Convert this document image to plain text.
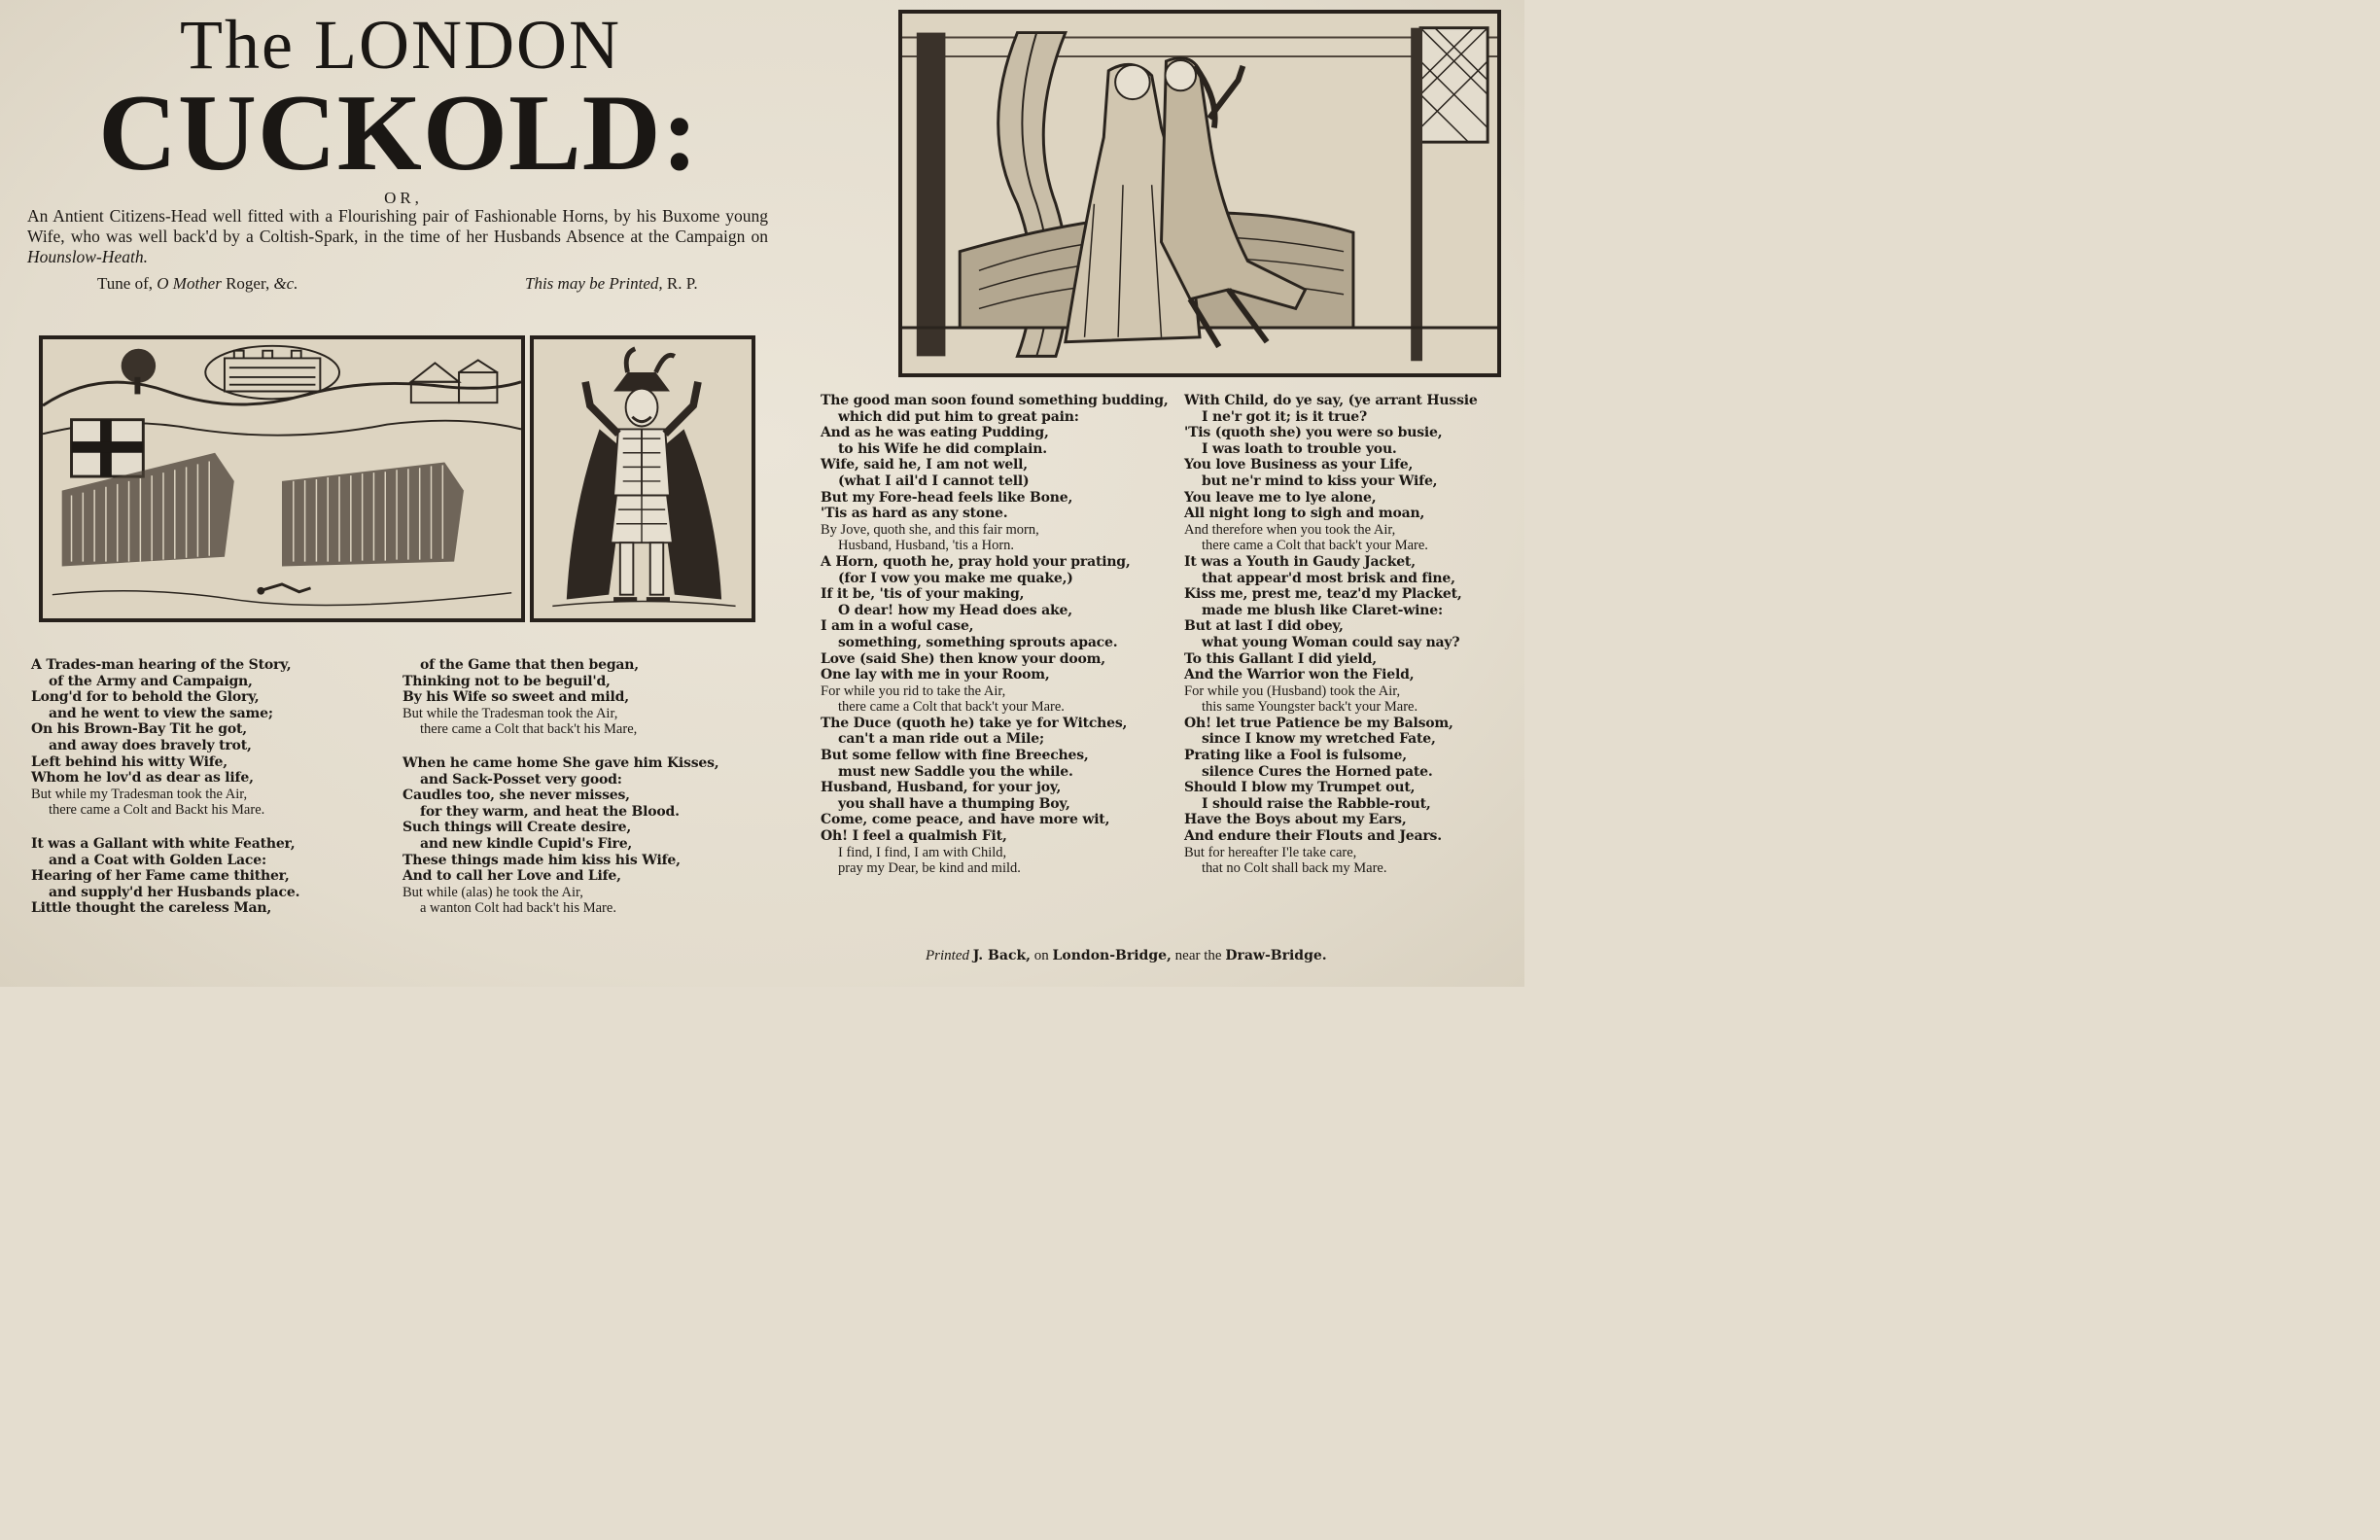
The LONDON
CUCKOLD:
OR,
An Antient Citizens-Head well fitted with a Flourishing pair of Fashionable Horns, by his Buxome young Wife, who was well back'd by a Coltish-Spark, in the time of her Husbands Absence at the Campaign on Hounslow-Heath.
Tune of, O Mother Roger, &c.	This may be Printed, R. P.
A Trades-man hearing of the Story,
of the Army and Campaign,
Long'd for to behold the Glory,
and he went to view the same;
On his Brown-Bay Tit he got,
and away does bravely trot,
Left behind his witty Wife,
Whom he lov'd as dear as life,
But while my Tradesman took the Air,
there came a Colt and Backt his Mare.
It was a Gallant with white Feather,
and a Coat with Golden Lace:
Hearing of her Fame came thither,
and supply'd her Husbands place.
Little thought the careless Man,
of the Game that then began,
Thinking not to be beguil'd,
By his Wife so sweet and mild,
But while the Tradesman took the Air,
there came a Colt that back't his Mare,
When he came home She gave him Kisses,
and Sack-Posset very good:
Caudles too, she never misses,
for they warm, and heat the Blood.
Such things will Create desire,
and new kindle Cupid's Fire,
These things made him kiss his Wife,
And to call her Love and Life,
But while (alas) he took the Air,
a wanton Colt had back't his Mare.
The good man soon found something budding,
which did put him to great pain:
And as he was eating Pudding,
to his Wife he did complain.
Wife, said he, I am not well,
(what I ail'd I cannot tell)
But my Fore-head feels like Bone,
'Tis as hard as any stone.
By Jove, quoth she, and this fair morn,
Husband, Husband, 'tis a Horn.
A Horn, quoth he, pray hold your prating,
(for I vow you make me quake,)
If it be, 'tis of your making,
O dear! how my Head does ake,
I am in a woful case,
something, something sprouts apace.
Love (said She) then know your doom,
One lay with me in your Room,
For while you rid to take the Air,
there came a Colt that back't your Mare.
The Duce (quoth he) take ye for Witches,
can't a man ride out a Mile;
But some fellow with fine Breeches,
must new Saddle you the while.
Husband, Husband, for your joy,
you shall have a thumping Boy,
Come, come peace, and have more wit,
Oh! I feel a qualmish Fit,
I find, I find, I am with Child,
pray my Dear, be kind and mild.
With Child, do ye say, (ye arrant Hussie
I ne'r got it; is it true?
'Tis (quoth she) you were so busie,
I was loath to trouble you.
You love Business as your Life,
but ne'r mind to kiss your Wife,
You leave me to lye alone,
All night long to sigh and moan,
And therefore when you took the Air,
there came a Colt that back't your Mare.
It was a Youth in Gaudy Jacket,
that appear'd most brisk and fine,
Kiss me, prest me, teaz'd my Placket,
made me blush like Claret-wine:
But at last I did obey,
what young Woman could say nay?
To this Gallant I did yield,
And the Warrior won the Field,
For while you (Husband) took the Air,
this same Youngster back't your Mare.
Oh! let true Patience be my Balsom,
since I know my wretched Fate,
Prating like a Fool is fulsome,
silence Cures the Horned pate.
Should I blow my Trumpet out,
I should raise the Rabble-rout,
Have the Boys about my Ears,
And endure their Flouts and Jears.
But for hereafter I'le take care,
that no Colt shall back my Mare.
Printed J. Back, on London-Bridge, near the Draw-Bridge.
